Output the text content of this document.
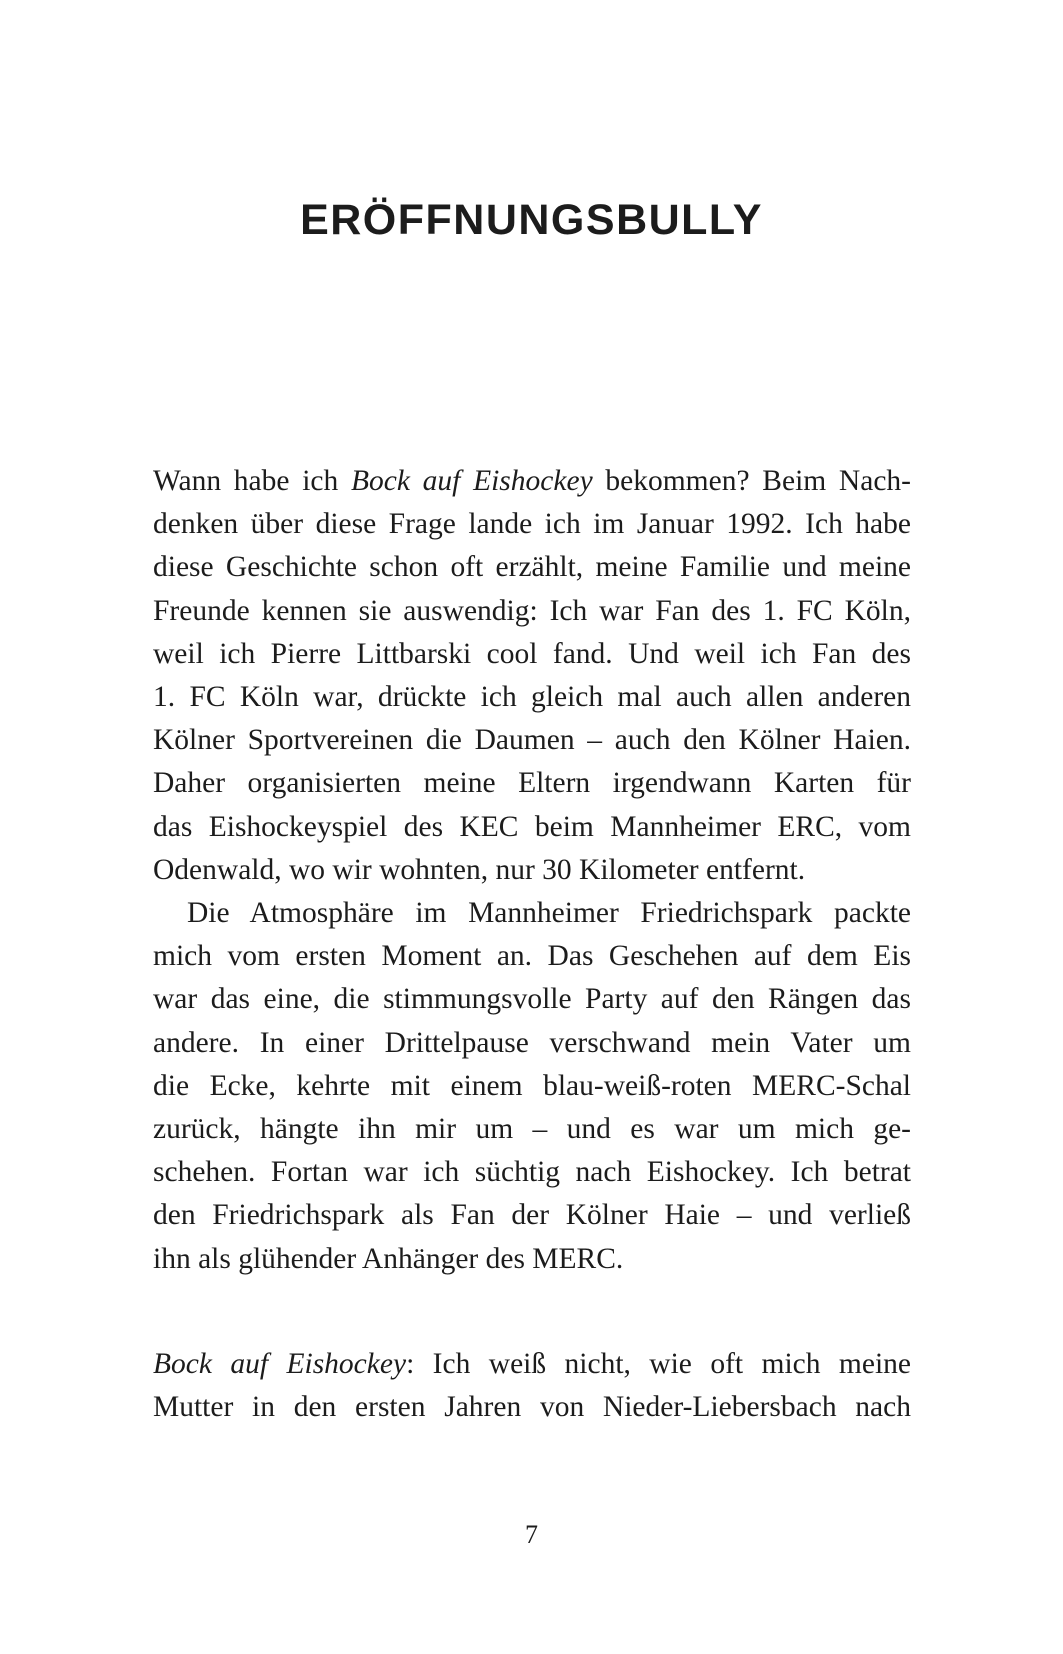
ERÖFFNUNGSBULLY

Wann habe ich Bock auf Eishockey bekommen? Beim Nach-
denken über diese Frage lande ich im Januar 1992. Ich habe
diese Geschichte schon oft erzählt, meine Familie und meine
Freunde kennen sie auswendig: Ich war Fan des 1. FC Köln,
weil ich Pierre Littbarski cool fand. Und weil ich Fan des
1. FC Köln war, drückte ich gleich mal auch allen anderen
Kölner Sportvereinen die Daumen – auch den Kölner Haien.
Daher organisierten meine Eltern irgendwann Karten für
das Eishockeyspiel des KEC beim Mannheimer ERC, vom
Odenwald, wo wir wohnten, nur 30 Kilometer entfernt.

Die Atmosphäre im Mannheimer Friedrichspark packte
mich vom ersten Moment an. Das Geschehen auf dem Eis
war das eine, die stimmungsvolle Party auf den Rängen das
andere. In einer Drittelpause verschwand mein Vater um
die Ecke, kehrte mit einem blau-weiß-roten MERC-Schal
zurück, hängte ihn mir um – und es war um mich ge-
schehen. Fortan war ich süchtig nach Eishockey. Ich betrat
den Friedrichspark als Fan der Kölner Haie – und verließ
ihn als glühender Anhänger des MERC.

Bock auf Eishockey: Ich weiß nicht, wie oft mich meine
Mutter in den ersten Jahren von Nieder-Liebersbach nach

7
